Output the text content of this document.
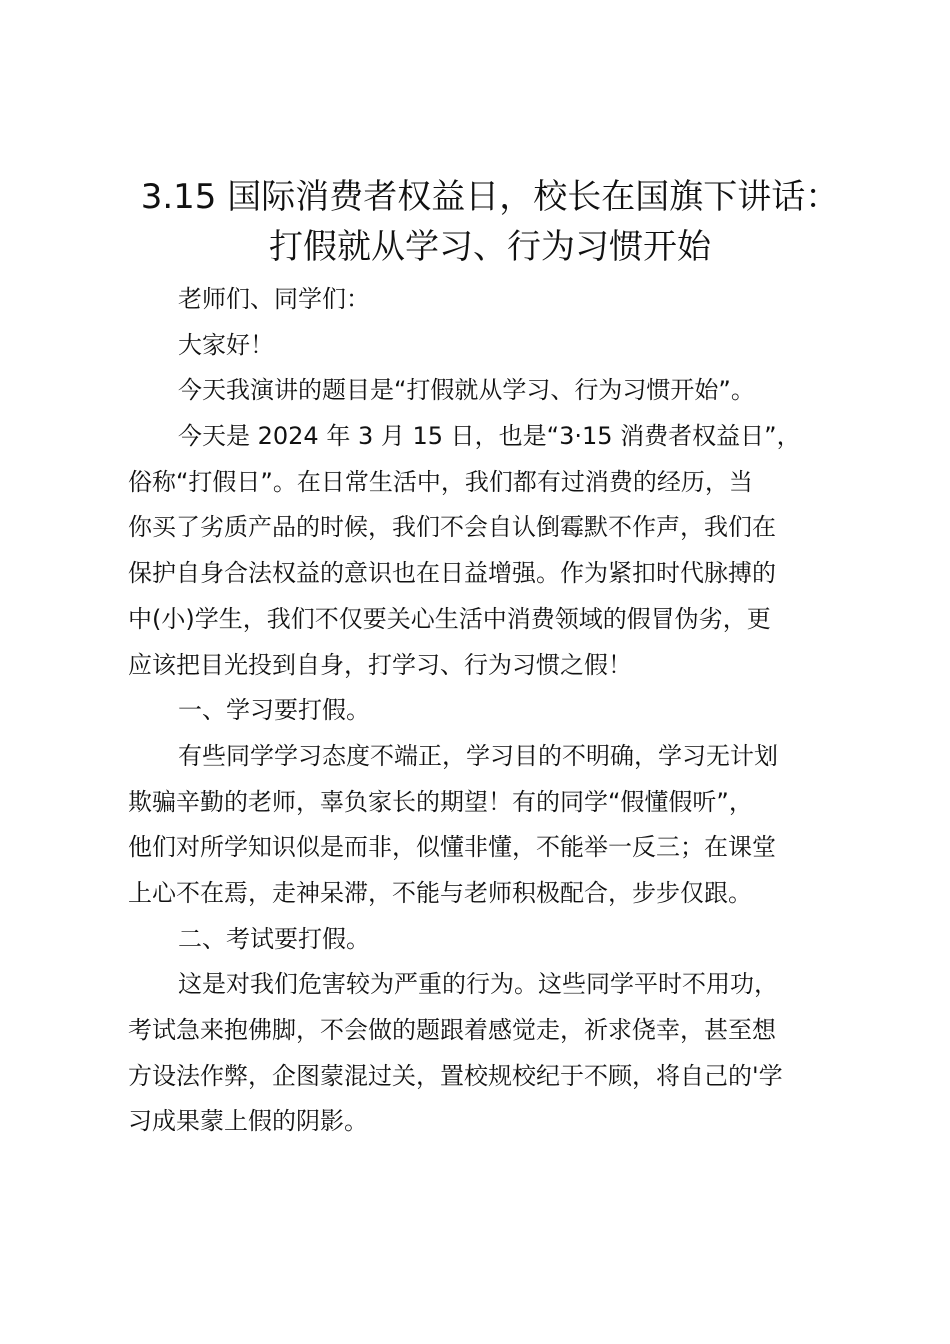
3.15 国际消费者权益日，校长在国旗下讲话：
打假就从学习、行为习惯开始
老师们、同学们：
大家好！
今天我演讲的题目是“打假就从学习、行为习惯开始”。
今天是 2024 年 3 月 15 日，也是“3·15 消费者权益日”，
俗称“打假日”。在日常生活中，我们都有过消费的经历，当
你买了劣质产品的时候，我们不会自认倒霉默不作声，我们在
保护自身合法权益的意识也在日益增强。作为紧扣时代脉搏的
中(小)学生，我们不仅要关心生活中消费领域的假冒伪劣，更
应该把目光投到自身，打学习、行为习惯之假！
一、学习要打假。
有些同学学习态度不端正，学习目的不明确，学习无计划
欺骗辛勤的老师，辜负家长的期望！有的同学“假懂假听”，
他们对所学知识似是而非，似懂非懂，不能举一反三；在课堂
上心不在焉，走神呆滞，不能与老师积极配合，步步仅跟。
二、考试要打假。
这是对我们危害较为严重的行为。这些同学平时不用功，
考试急来抱佛脚，不会做的题跟着感觉走，祈求侥幸，甚至想
方设法作弊，企图蒙混过关，置校规校纪于不顾，将自己的'学
习成果蒙上假的阴影。
